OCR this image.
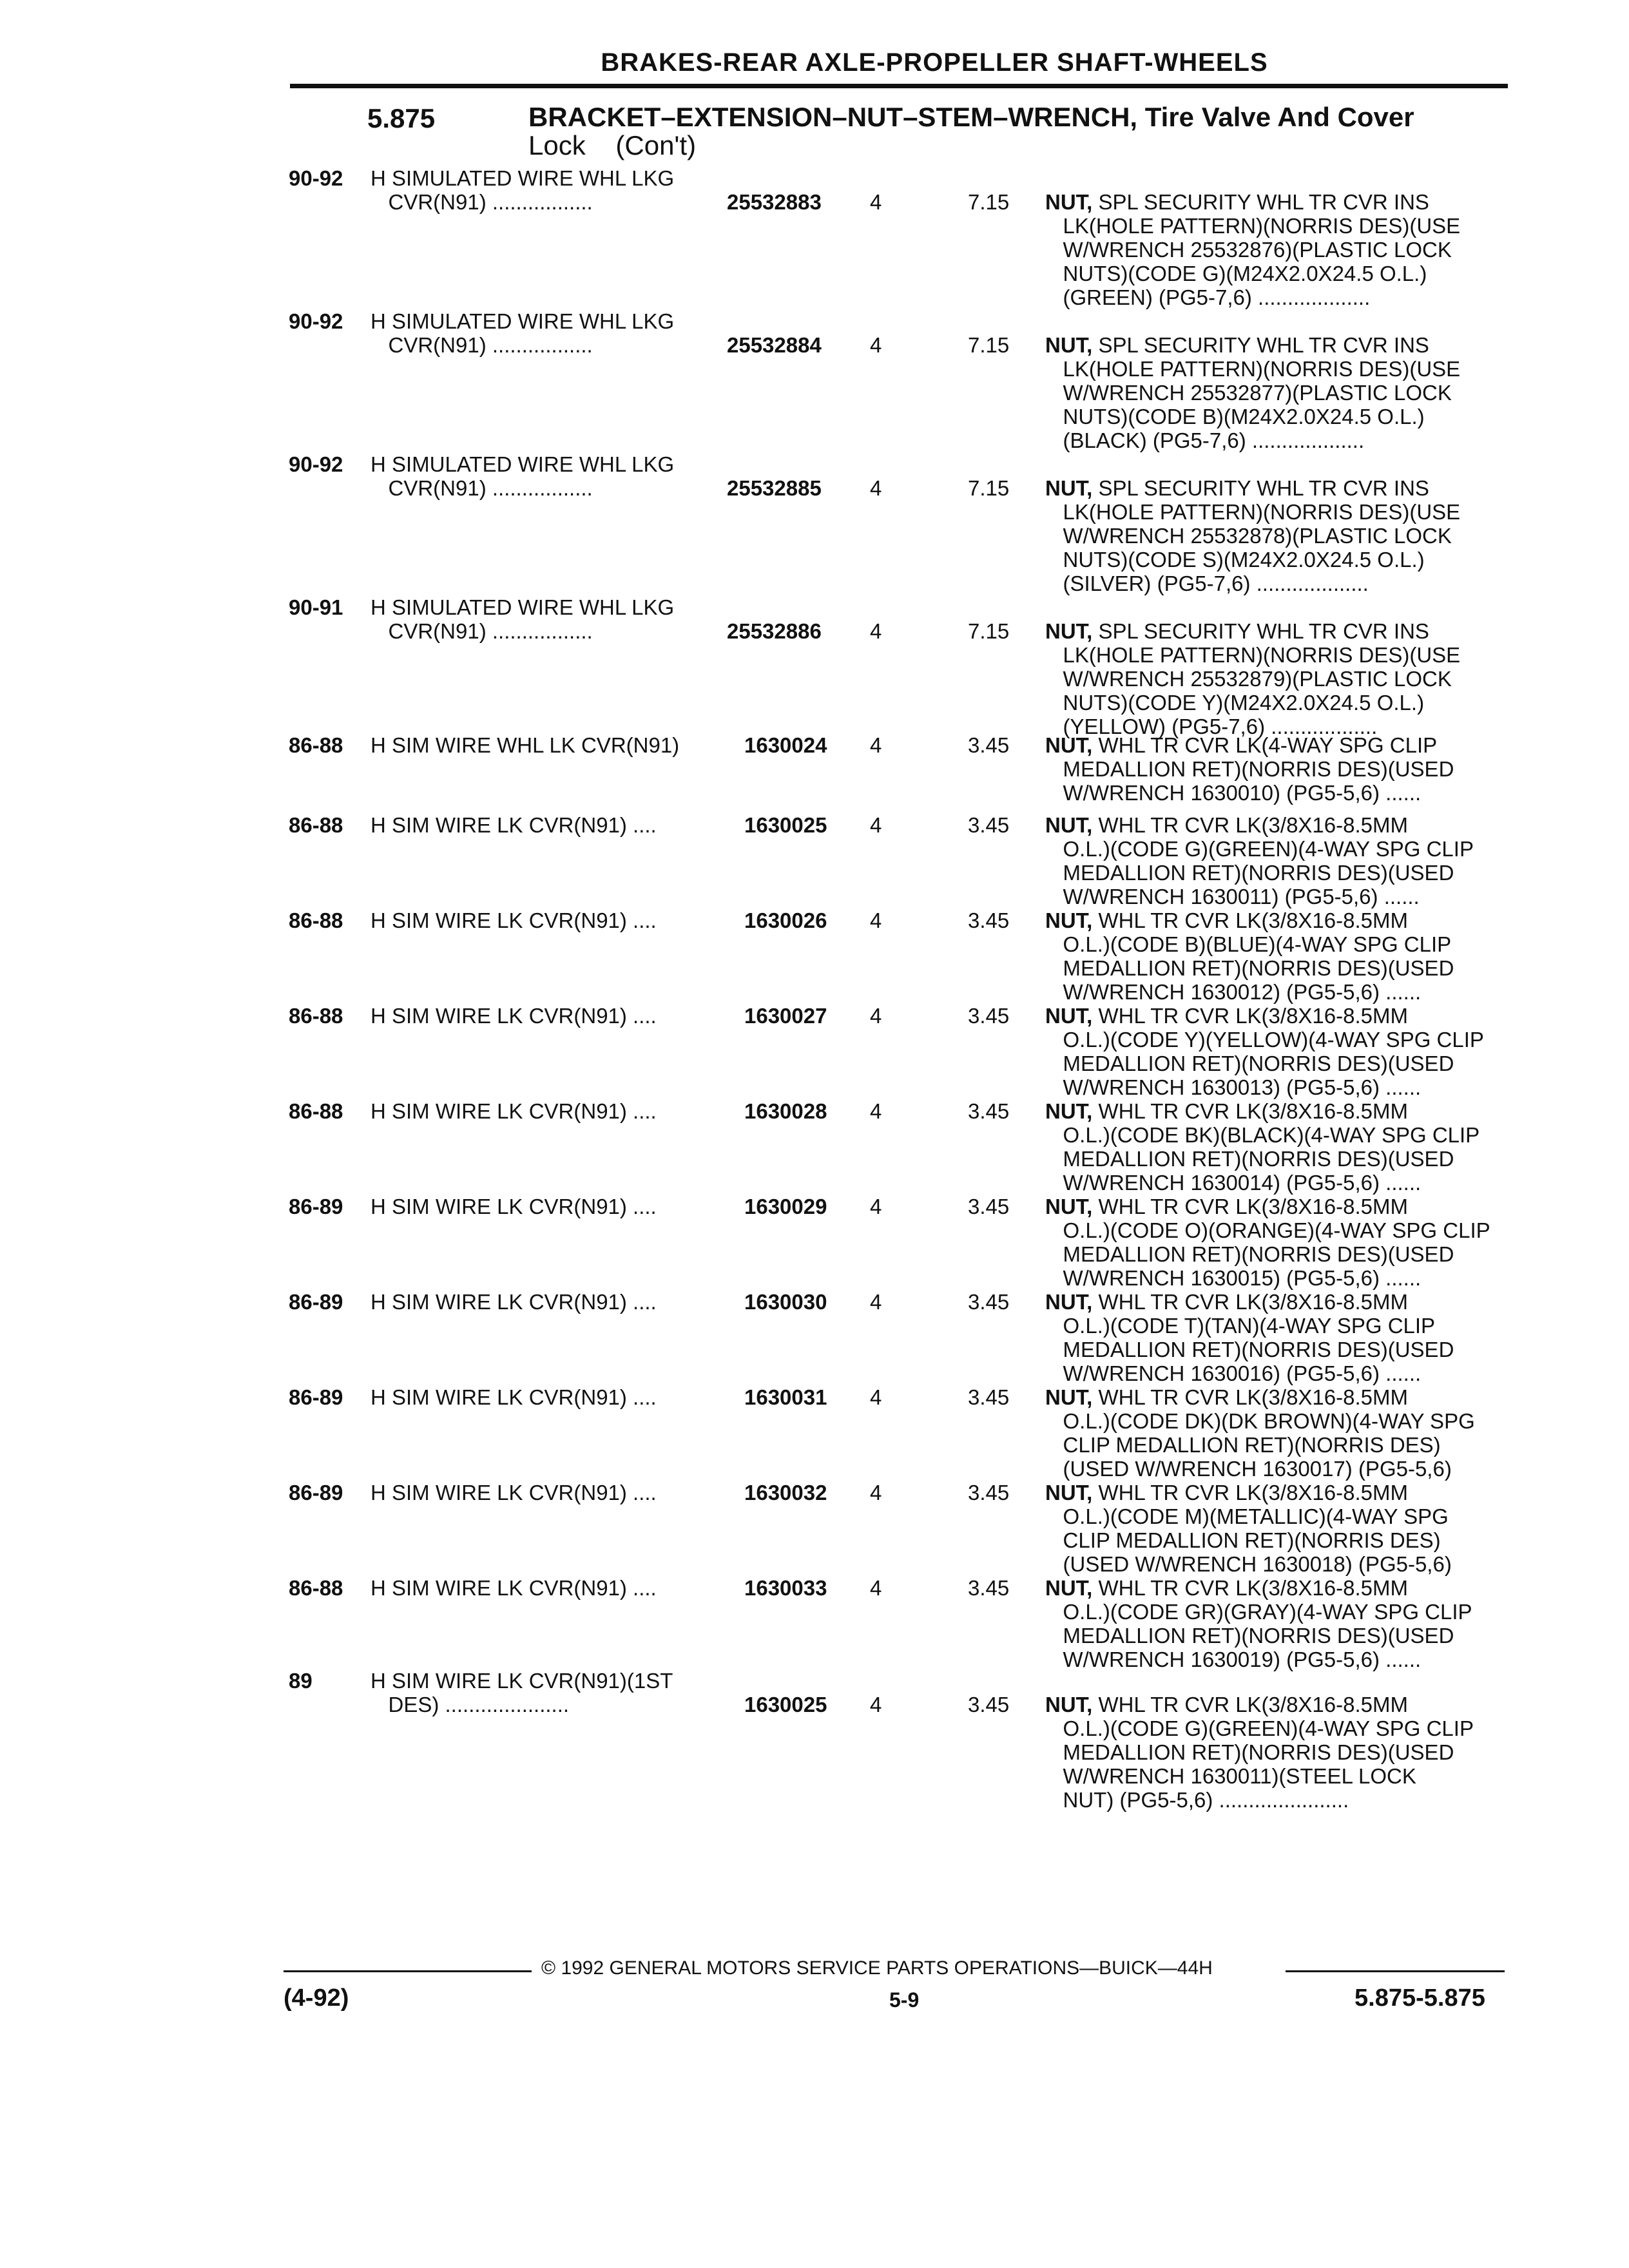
BRAKES-REAR AXLE-PROPELLER SHAFT-WHEELS
5.875	BRACKET–EXTENSION–NUT–STEM–WRENCH, Tire Valve And Cover
Lock    (Con't)
90-92 H SIMULATED WIRE WHL LKG
CVR(N91) .................	25532883 4	7.15 NUT, SPL SECURITY WHL TR CVR INS
LK(HOLE PATTERN)(NORRIS DES)(USE
W/WRENCH 25532876)(PLASTIC LOCK
NUTS)(CODE G)(M24X2.0X24.5 O.L.)
(GREEN) (PG5-7,6) ...................
90-92 H SIMULATED WIRE WHL LKG
CVR(N91) .................	25532884 4	7.15 NUT, SPL SECURITY WHL TR CVR INS
LK(HOLE PATTERN)(NORRIS DES)(USE
W/WRENCH 25532877)(PLASTIC LOCK
NUTS)(CODE B)(M24X2.0X24.5 O.L.)
(BLACK) (PG5-7,6) ...................
90-92 H SIMULATED WIRE WHL LKG
CVR(N91) .................	25532885 4	7.15 NUT, SPL SECURITY WHL TR CVR INS
LK(HOLE PATTERN)(NORRIS DES)(USE
W/WRENCH 25532878)(PLASTIC LOCK
NUTS)(CODE S)(M24X2.0X24.5 O.L.)
(SILVER) (PG5-7,6) ...................
90-91 H SIMULATED WIRE WHL LKG
CVR(N91) .................	25532886 4	7.15 NUT, SPL SECURITY WHL TR CVR INS
LK(HOLE PATTERN)(NORRIS DES)(USE
W/WRENCH 25532879)(PLASTIC LOCK
NUTS)(CODE Y)(M24X2.0X24.5 O.L.)
(YELLOW) (PG5-7,6) ..................
86-88 H SIM WIRE WHL LK CVR(N91)	1630024 4	3.45 NUT, WHL TR CVR LK(4-WAY SPG CLIP
MEDALLION RET)(NORRIS DES)(USED
W/WRENCH 1630010) (PG5-5,6) ......
86-88 H SIM WIRE LK CVR(N91) ....	1630025 4	3.45 NUT, WHL TR CVR LK(3/8X16-8.5MM
O.L.)(CODE G)(GREEN)(4-WAY SPG CLIP
MEDALLION RET)(NORRIS DES)(USED
W/WRENCH 1630011) (PG5-5,6) ......
86-88 H SIM WIRE LK CVR(N91) ....	1630026 4	3.45 NUT, WHL TR CVR LK(3/8X16-8.5MM
O.L.)(CODE B)(BLUE)(4-WAY SPG CLIP
MEDALLION RET)(NORRIS DES)(USED
W/WRENCH 1630012) (PG5-5,6) ......
86-88 H SIM WIRE LK CVR(N91) ....	1630027 4	3.45 NUT, WHL TR CVR LK(3/8X16-8.5MM
O.L.)(CODE Y)(YELLOW)(4-WAY SPG CLIP
MEDALLION RET)(NORRIS DES)(USED
W/WRENCH 1630013) (PG5-5,6) ......
86-88 H SIM WIRE LK CVR(N91) ....	1630028 4	3.45 NUT, WHL TR CVR LK(3/8X16-8.5MM
O.L.)(CODE BK)(BLACK)(4-WAY SPG CLIP
MEDALLION RET)(NORRIS DES)(USED
W/WRENCH 1630014) (PG5-5,6) ......
86-89 H SIM WIRE LK CVR(N91) ....	1630029 4	3.45 NUT, WHL TR CVR LK(3/8X16-8.5MM
O.L.)(CODE O)(ORANGE)(4-WAY SPG CLIP
MEDALLION RET)(NORRIS DES)(USED
W/WRENCH 1630015) (PG5-5,6) ......
86-89 H SIM WIRE LK CVR(N91) ....	1630030 4	3.45 NUT, WHL TR CVR LK(3/8X16-8.5MM
O.L.)(CODE T)(TAN)(4-WAY SPG CLIP
MEDALLION RET)(NORRIS DES)(USED
W/WRENCH 1630016) (PG5-5,6) ......
86-89 H SIM WIRE LK CVR(N91) ....	1630031 4	3.45 NUT, WHL TR CVR LK(3/8X16-8.5MM
O.L.)(CODE DK)(DK BROWN)(4-WAY SPG
CLIP MEDALLION RET)(NORRIS DES)
(USED W/WRENCH 1630017) (PG5-5,6)
86-89 H SIM WIRE LK CVR(N91) ....	1630032 4	3.45 NUT, WHL TR CVR LK(3/8X16-8.5MM
O.L.)(CODE M)(METALLIC)(4-WAY SPG
CLIP MEDALLION RET)(NORRIS DES)
(USED W/WRENCH 1630018) (PG5-5,6)
86-88 H SIM WIRE LK CVR(N91) ....	1630033 4	3.45 NUT, WHL TR CVR LK(3/8X16-8.5MM
O.L.)(CODE GR)(GRAY)(4-WAY SPG CLIP
MEDALLION RET)(NORRIS DES)(USED
W/WRENCH 1630019) (PG5-5,6) ......
89	H SIM WIRE LK CVR(N91)(1ST
DES) .....................	1630025 4	3.45 NUT, WHL TR CVR LK(3/8X16-8.5MM
O.L.)(CODE G)(GREEN)(4-WAY SPG CLIP
MEDALLION RET)(NORRIS DES)(USED
W/WRENCH 1630011)(STEEL LOCK
NUT) (PG5-5,6) ......................
© 1992 GENERAL MOTORS SERVICE PARTS OPERATIONS—BUICK—44H
(4-92)	5-9	5.875-5.875
